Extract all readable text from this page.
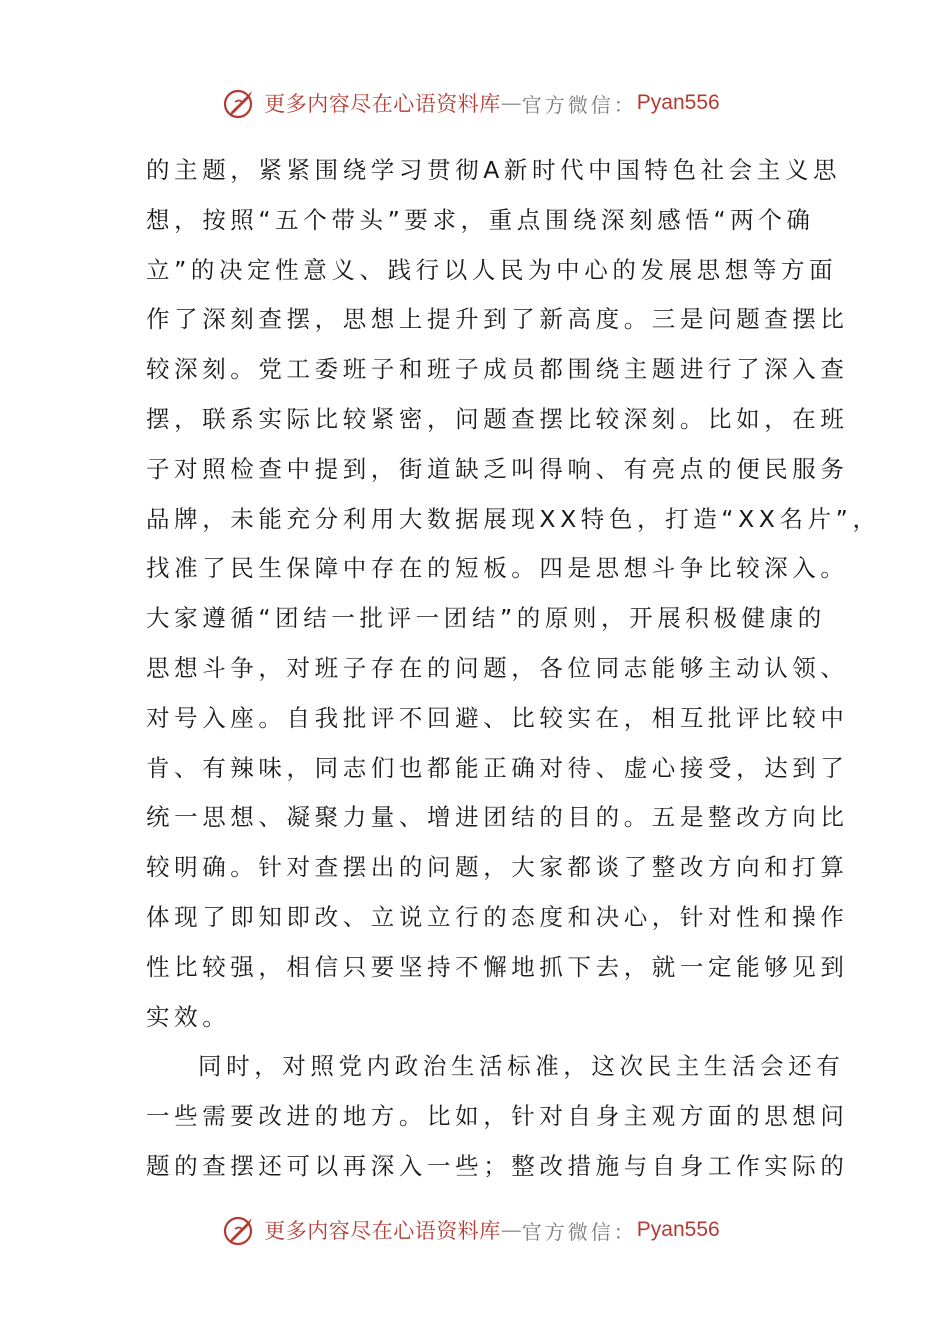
更多内容尽在心语资料库 — 官方微信： Pyan556
的主题，紧紧围绕学习贯彻A新时代中国特色社会主义思
想，按照“五个带头”要求，重点围绕深刻感悟“两个确
立”的决定性意义、践行以人民为中心的发展思想等方面
作了深刻查摆，思想上提升到了新高度。三是问题查摆比
较深刻。党工委班子和班子成员都围绕主题进行了深入查
摆，联系实际比较紧密，问题查摆比较深刻。比如，在班
子对照检查中提到，街道缺乏叫得响、有亮点的便民服务
品牌，未能充分利用大数据展现XX特色，打造“XX名片”，
找准了民生保障中存在的短板。四是思想斗争比较深入。
大家遵循“团结一批评一团结”的原则，开展积极健康的
思想斗争，对班子存在的问题，各位同志能够主动认领、
对号入座。自我批评不回避、比较实在，相互批评比较中
肯、有辣味，同志们也都能正确对待、虚心接受，达到了
统一思想、凝聚力量、增进团结的目的。五是整改方向比
较明确。针对查摆出的问题，大家都谈了整改方向和打算
体现了即知即改、立说立行的态度和决心，针对性和操作
性比较强，相信只要坚持不懈地抓下去，就一定能够见到
实效。
同时，对照党内政治生活标准，这次民主生活会还有
一些需要改进的地方。比如，针对自身主观方面的思想问
题的查摆还可以再深入一些；整改措施与自身工作实际的
更多内容尽在心语资料库 — 官方微信： Pyan556
